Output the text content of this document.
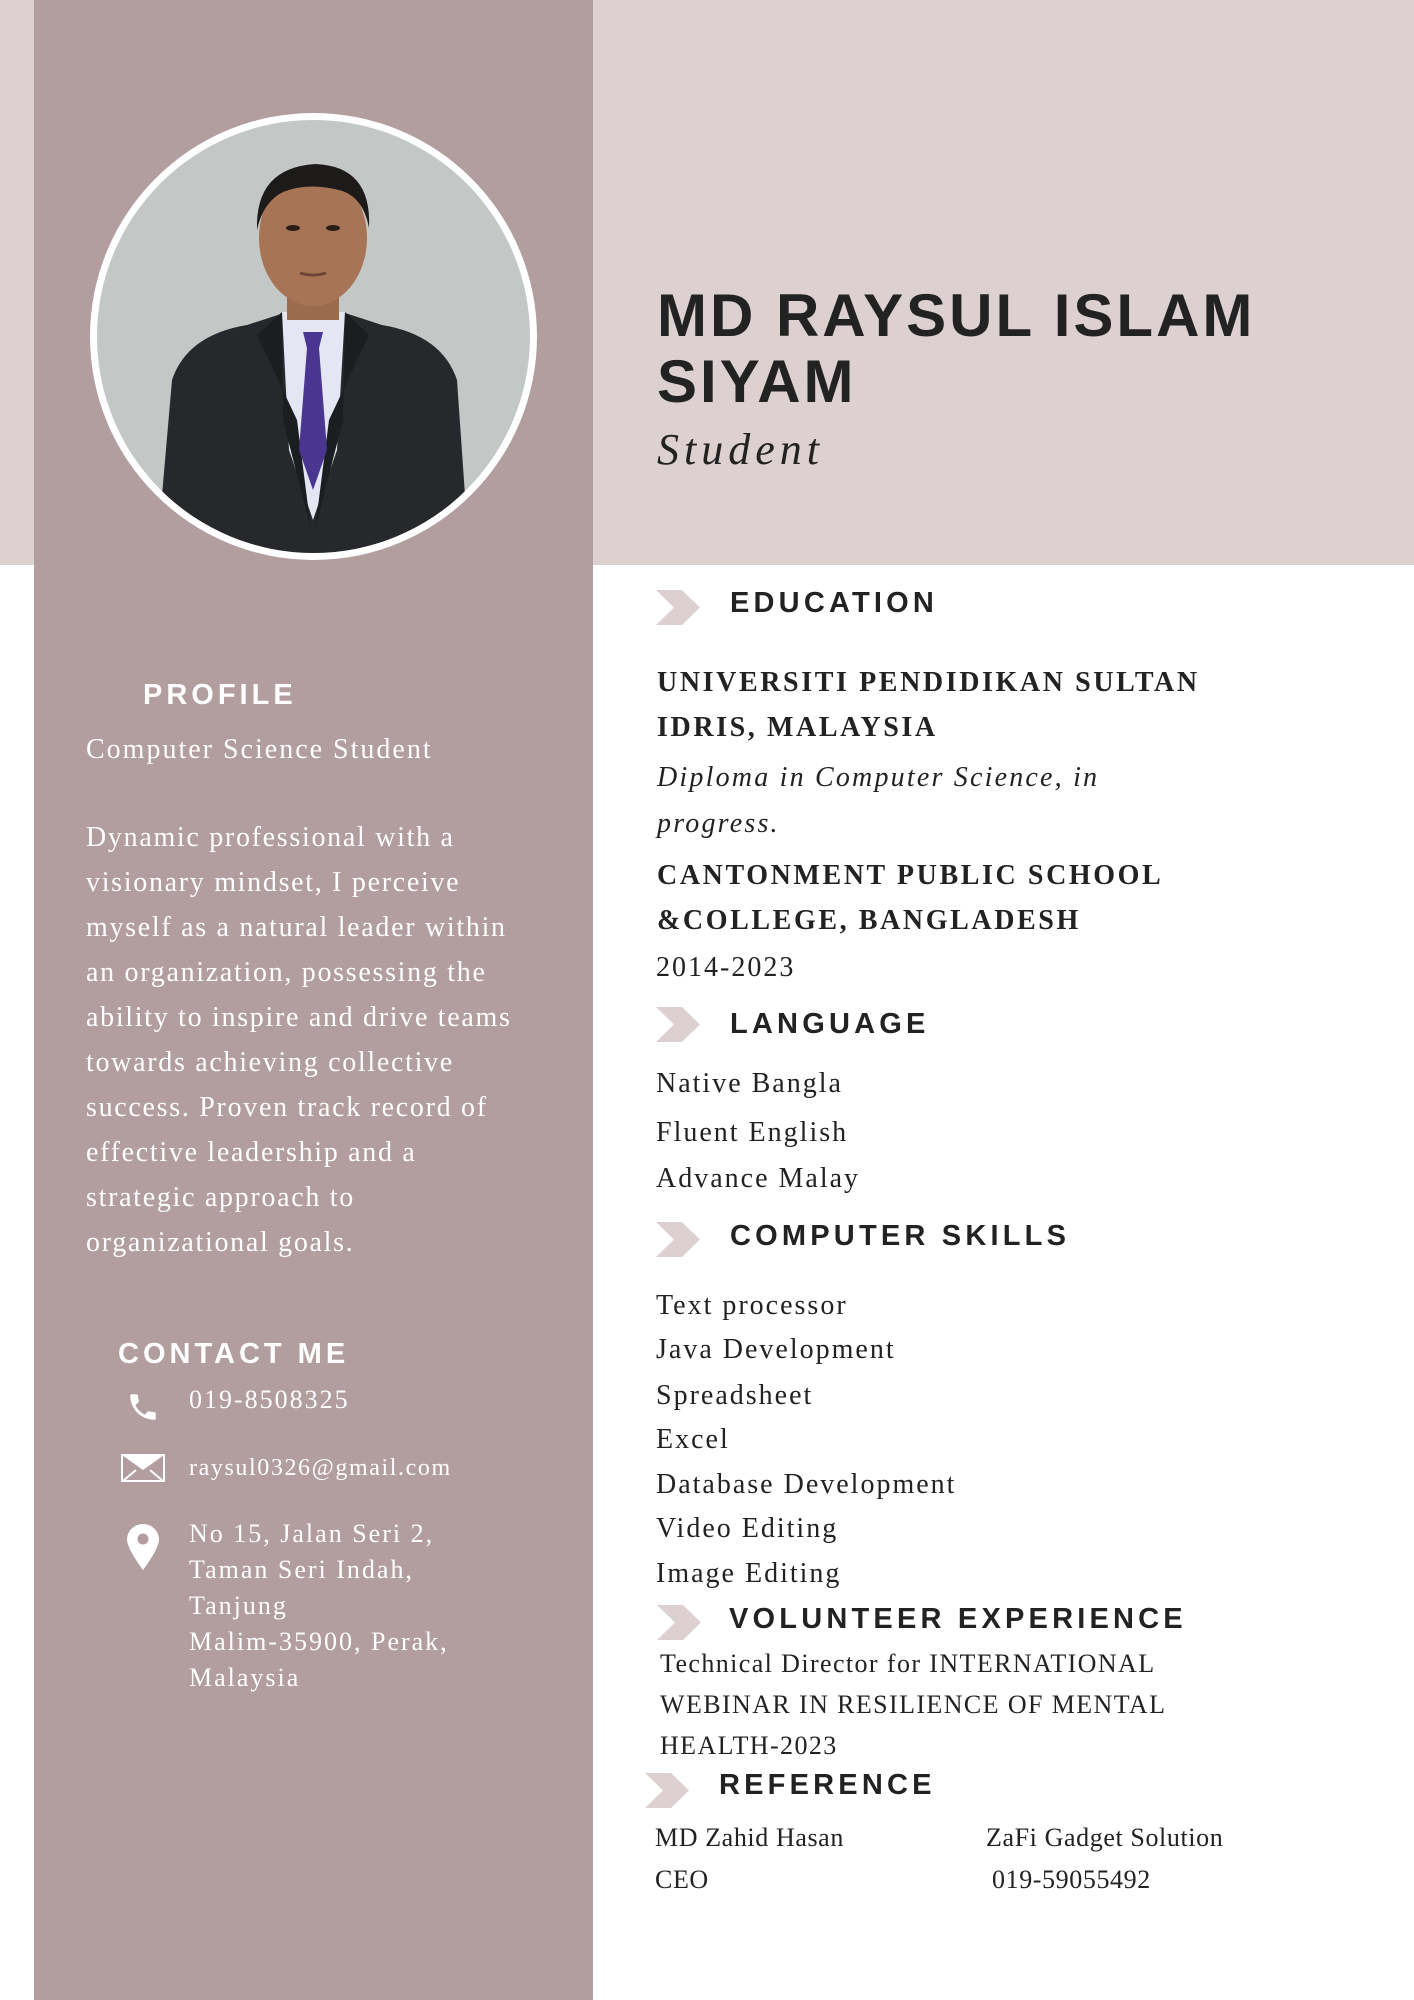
MD RAYSUL ISLAM
SIYAM
Student
PROFILE
Computer Science Student
Dynamic professional with a
visionary mindset, I perceive
myself as a natural leader within
an organization, possessing the
ability to inspire and drive teams
towards achieving collective
success. Proven track record of
effective leadership and a
strategic approach to
organizational goals.
CONTACT ME
019-8508325
raysul0326@gmail.com
No 15, Jalan Seri 2,
Taman Seri Indah,
Tanjung
Malim-35900, Perak,
Malaysia
EDUCATION
UNIVERSITI PENDIDIKAN SULTAN
IDRIS, MALAYSIA
Diploma in Computer Science, in
progress.
CANTONMENT PUBLIC SCHOOL
&COLLEGE, BANGLADESH
2014-2023
LANGUAGE
Native Bangla
Fluent English
Advance Malay
COMPUTER SKILLS
Text processor
Java Development
Spreadsheet
Excel
Database Development
Video Editing
Image Editing
VOLUNTEER EXPERIENCE
Technical Director for INTERNATIONAL
WEBINAR IN RESILIENCE OF MENTAL
HEALTH-2023
REFERENCE
MD Zahid Hasan	ZaFi Gadget Solution
CEO	019-59055492
